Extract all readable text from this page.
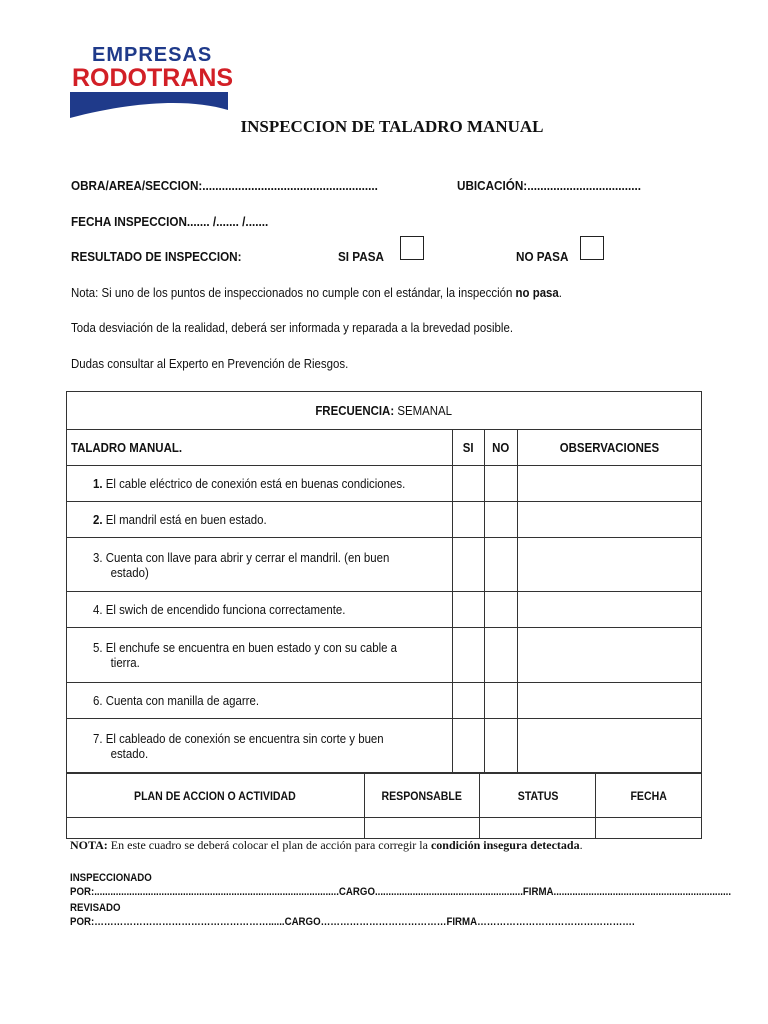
EMPRESAS
RODOTRANS
INSPECCION DE TALADRO MANUAL
OBRA/AREA/SECCION:......................................................	UBICACIÓN:...................................
FECHA INSPECCION....... /....... /.......
RESULTADO DE INSPECCION:	SI PASA	NO PASA
Nota: Si uno de los puntos de inspeccionados no cumple con el estándar, la inspección no pasa.
Toda desviación de la realidad, deberá ser informada y reparada a la brevedad posible.
Dudas consultar al Experto en Prevención de Riesgos.
FRECUENCIA: SEMANAL			
TALADRO MANUAL.	SI	NO	OBSERVACIONES
1. El cable eléctrico de conexión está en buenas condiciones.			
2. El mandril está en buen estado.			
3. Cuenta con llave para abrir y cerrar el mandril. (en buen
estado)			

4. El swich de encendido funciona correctamente.			
5. El enchufe se encuentra en buen estado y con su cable a
tierra.			

6. Cuenta con manilla de agarre.			
7. El cableado de conexión se encuentra sin corte y buen
estado.			

PLAN DE ACCION O ACTIVIDAD	RESPONSABLE	STATUS	FECHA

NOTA: En este cuadro se deberá colocar el plan de acción para corregir la condición insegura detectada.
INSPECCIONADO
POR:...........................................................................................CARGO.......................................................FIRMA..................................................................
REVISADO
POR:………………………………………………......CARGO…………………………………FIRMA………………………………………….
